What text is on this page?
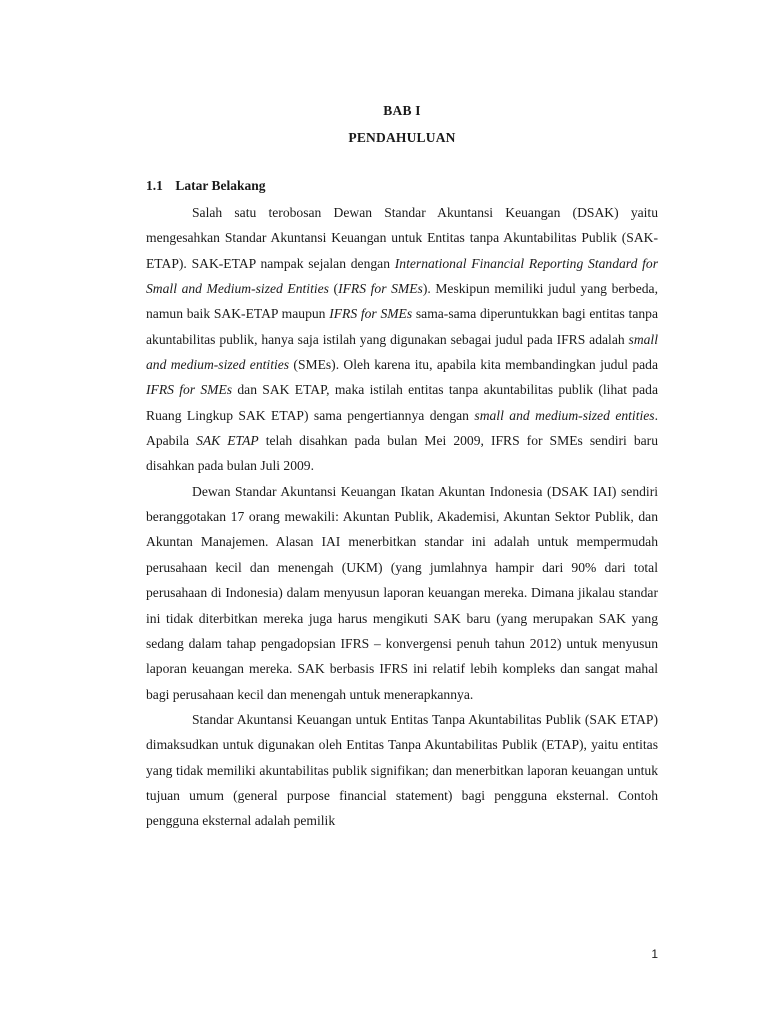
BAB I
PENDAHULUAN
1.1 Latar Belakang

Salah satu terobosan Dewan Standar Akuntansi Keuangan (DSAK) yaitu mengesahkan Standar Akuntansi Keuangan untuk Entitas tanpa Akuntabilitas Publik (SAK-ETAP). SAK-ETAP nampak sejalan dengan International Financial Reporting Standard for Small and Medium-sized Entities (IFRS for SMEs). Meskipun memiliki judul yang berbeda, namun baik SAK-ETAP maupun IFRS for SMEs sama-sama diperuntukkan bagi entitas tanpa akuntabilitas publik, hanya saja istilah yang digunakan sebagai judul pada IFRS adalah small and medium-sized entities (SMEs). Oleh karena itu, apabila kita membandingkan judul pada IFRS for SMEs dan SAK ETAP, maka istilah entitas tanpa akuntabilitas publik (lihat pada Ruang Lingkup SAK ETAP) sama pengertiannya dengan small and medium-sized entities. Apabila SAK ETAP telah disahkan pada bulan Mei 2009, IFRS for SMEs sendiri baru disahkan pada bulan Juli 2009.

Dewan Standar Akuntansi Keuangan Ikatan Akuntan Indonesia (DSAK IAI) sendiri beranggotakan 17 orang mewakili: Akuntan Publik, Akademisi, Akuntan Sektor Publik, dan Akuntan Manajemen. Alasan IAI menerbitkan standar ini adalah untuk mempermudah perusahaan kecil dan menengah (UKM) (yang jumlahnya hampir dari 90% dari total perusahaan di Indonesia) dalam menyusun laporan keuangan mereka. Dimana jikalau standar ini tidak diterbitkan mereka juga harus mengikuti SAK baru (yang merupakan SAK yang sedang dalam tahap pengadopsian IFRS – konvergensi penuh tahun 2012) untuk menyusun laporan keuangan mereka. SAK berbasis IFRS ini relatif lebih kompleks dan sangat mahal bagi perusahaan kecil dan menengah untuk menerapkannya.

Standar Akuntansi Keuangan untuk Entitas Tanpa Akuntabilitas Publik (SAK ETAP) dimaksudkan untuk digunakan oleh Entitas Tanpa Akuntabilitas Publik (ETAP), yaitu entitas yang tidak memiliki akuntabilitas publik signifikan; dan menerbitkan laporan keuangan untuk tujuan umum (general purpose financial statement) bagi pengguna eksternal. Contoh pengguna eksternal adalah pemilik

1
